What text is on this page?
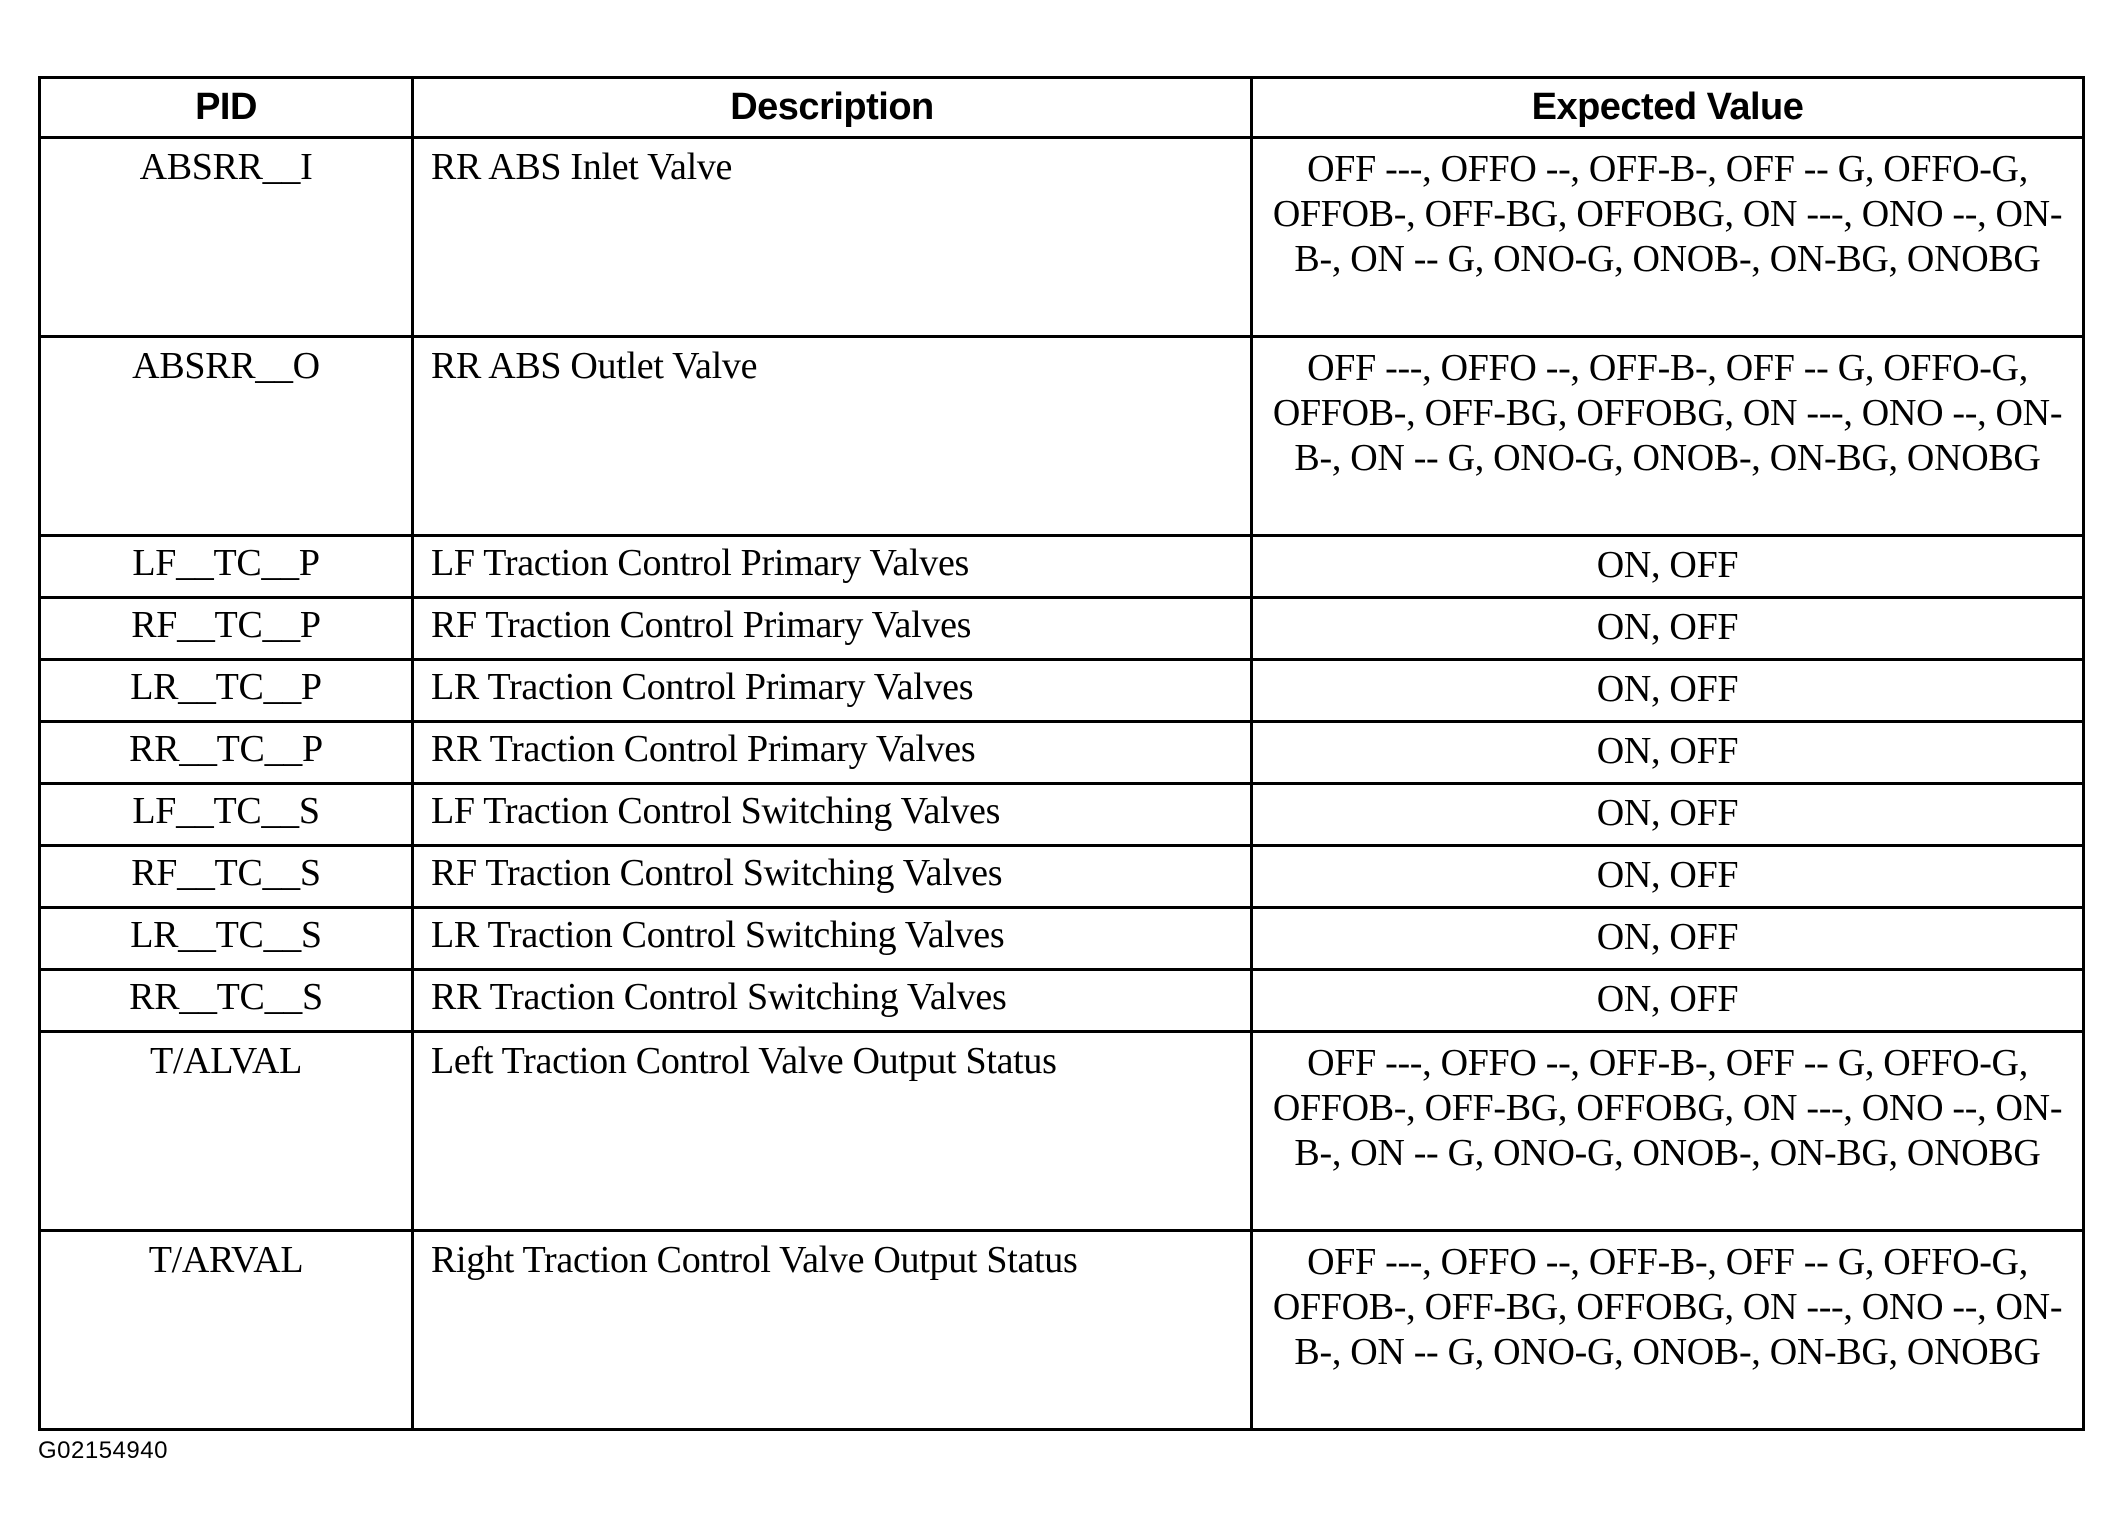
PID	Description	Expected Value
ABSRR__I	RR ABS Inlet Valve	OFF ---, OFFO --, OFF-B-, OFF -- G, OFFO-G, OFFOB-, OFF-BG, OFFOBG, ON ---, ONO --, ON-B-, ON -- G, ONO-G, ONOB-, ON-BG, ONOBG
ABSRR__O	RR ABS Outlet Valve	OFF ---, OFFO --, OFF-B-, OFF -- G, OFFO-G, OFFOB-, OFF-BG, OFFOBG, ON ---, ONO --, ON-B-, ON -- G, ONO-G, ONOB-, ON-BG, ONOBG
LF__TC__P	LF Traction Control Primary Valves	ON, OFF
RF__TC__P	RF Traction Control Primary Valves	ON, OFF
LR__TC__P	LR Traction Control Primary Valves	ON, OFF
RR__TC__P	RR Traction Control Primary Valves	ON, OFF
LF__TC__S	LF Traction Control Switching Valves	ON, OFF
RF__TC__S	RF Traction Control Switching Valves	ON, OFF
LR__TC__S	LR Traction Control Switching Valves	ON, OFF
RR__TC__S	RR Traction Control Switching Valves	ON, OFF
T/ALVAL	Left Traction Control Valve Output Status	OFF ---, OFFO --, OFF-B-, OFF -- G, OFFO-G, OFFOB-, OFF-BG, OFFOBG, ON ---, ONO --, ON-B-, ON -- G, ONO-G, ONOB-, ON-BG, ONOBG
T/ARVAL	Right Traction Control Valve Output Status	OFF ---, OFFO --, OFF-B-, OFF -- G, OFFO-G, OFFOB-, OFF-BG, OFFOBG, ON ---, ONO --, ON-B-, ON -- G, ONO-G, ONOB-, ON-BG, ONOBG
G02154940
